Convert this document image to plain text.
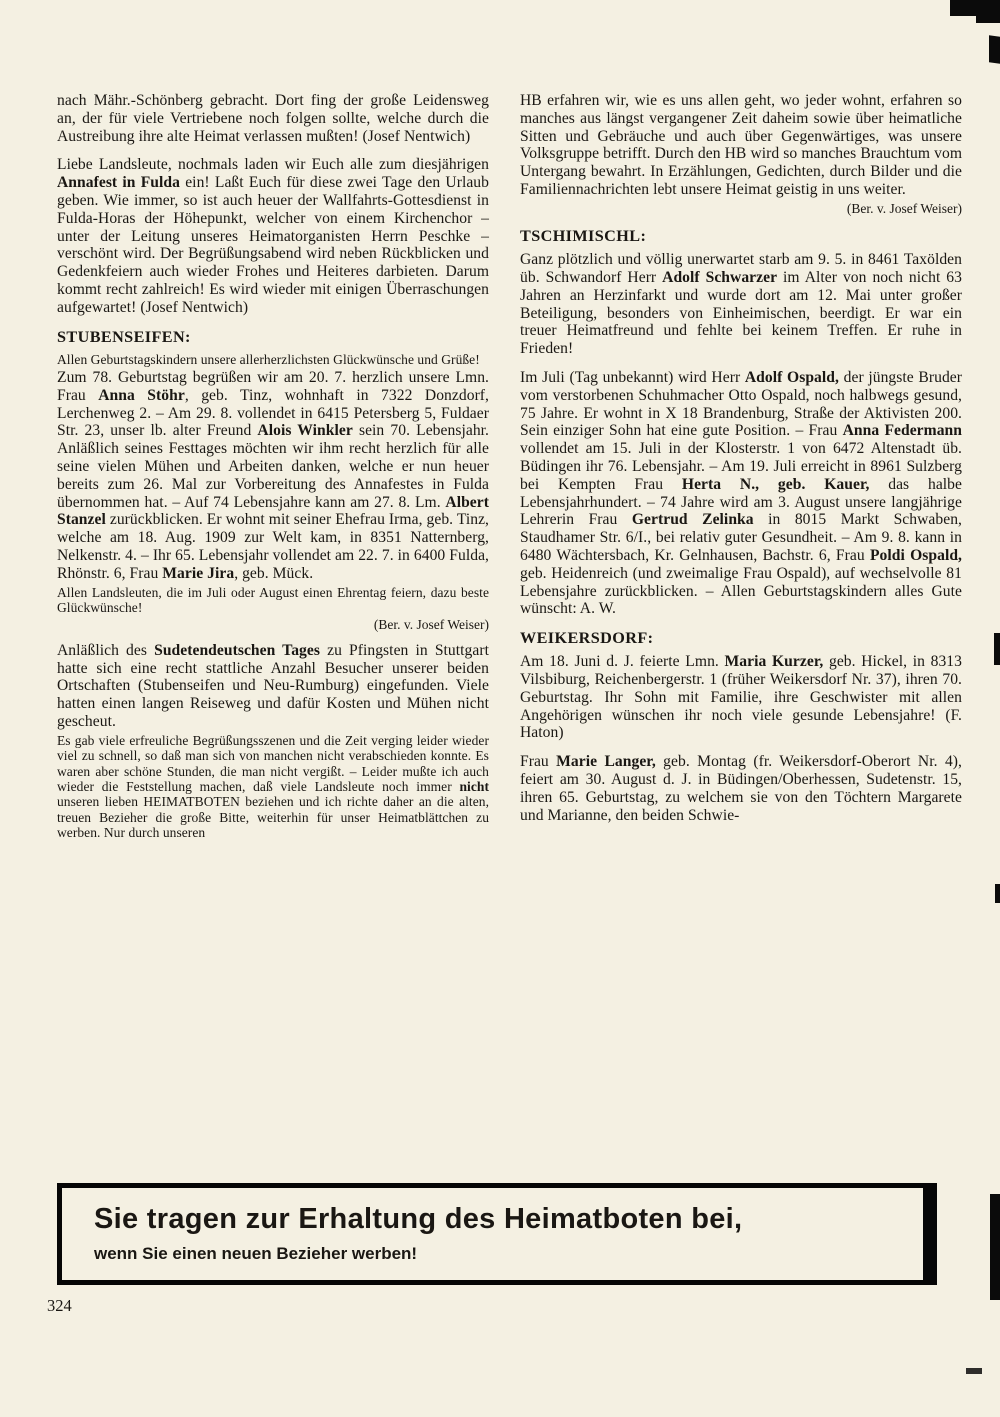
nach Mähr.-Schönberg gebracht. Dort fing der große Leidensweg an, der für viele Vertriebene noch folgen sollte, welche durch die Austreibung ihre alte Heimat verlassen mußten! (Josef Nentwich)

Liebe Landsleute, nochmals laden wir Euch alle zum diesjährigen Annafest in Fulda ein! Laßt Euch für diese zwei Tage den Urlaub geben. Wie immer, so ist auch heuer der Wallfahrts-Gottesdienst in Fulda-Horas der Höhepunkt, welcher von einem Kirchenchor – unter der Leitung unseres Heimatorganisten Herrn Peschke – verschönt wird. Der Begrüßungsabend wird neben Rückblicken und Gedenkfeiern auch wieder Frohes und Heiteres darbieten. Darum kommt recht zahlreich! Es wird wieder mit einigen Überraschungen aufgewartet! (Josef Nentwich)

STUBENSEIFEN:

Allen Geburtstagskindern unsere allerherzlichsten Glückwünsche und Grüße!

Zum 78. Geburtstag begrüßen wir am 20. 7. herzlich unsere Lmn. Frau Anna Stöhr, geb. Tinz, wohnhaft in 7322 Donzdorf, Lerchenweg 2. – Am 29. 8. vollendet in 6415 Petersberg 5, Fuldaer Str. 23, unser lb. alter Freund Alois Winkler sein 70. Lebensjahr. Anläßlich seines Festtages möchten wir ihm recht herzlich für alle seine vielen Mühen und Arbeiten danken, welche er nun heuer bereits zum 26. Mal zur Vorbereitung des Annafestes in Fulda übernommen hat. – Auf 74 Lebensjahre kann am 27. 8. Lm. Albert Stanzel zurückblicken. Er wohnt mit seiner Ehefrau Irma, geb. Tinz, welche am 18. Aug. 1909 zur Welt kam, in 8351 Natternberg, Nelkenstr. 4. – Ihr 65. Lebensjahr vollendet am 22. 7. in 6400 Fulda, Rhönstr. 6, Frau Marie Jira, geb. Mück.

Allen Landsleuten, die im Juli oder August einen Ehrentag feiern, dazu beste Glückwünsche!

(Ber. v. Josef Weiser)

Anläßlich des Sudetendeutschen Tages zu Pfingsten in Stuttgart hatte sich eine recht stattliche Anzahl Besucher unserer beiden Ortschaften (Stubenseifen und Neu-Rumburg) eingefunden. Viele hatten einen langen Reiseweg und dafür Kosten und Mühen nicht gescheut.

Es gab viele erfreuliche Begrüßungsszenen und die Zeit verging leider wieder viel zu schnell, so daß man sich von manchen nicht verabschieden konnte. Es waren aber schöne Stunden, die man nicht vergißt. – Leider mußte ich auch wieder die Feststellung machen, daß viele Landsleute noch immer nicht unseren lieben HEIMATBOTEN beziehen und ich richte daher an die alten, treuen Bezieher die große Bitte, weiterhin für unser Heimatblättchen zu werben. Nur durch unseren

HB erfahren wir, wie es uns allen geht, wo jeder wohnt, erfahren so manches aus längst vergangener Zeit daheim sowie über heimatliche Sitten und Gebräuche und auch über Gegenwärtiges, was unsere Volksgruppe betrifft. Durch den HB wird so manches Brauchtum vom Untergang bewahrt. In Erzählungen, Gedichten, durch Bilder und die Familiennachrichten lebt unsere Heimat geistig in uns weiter.

(Ber. v. Josef Weiser)

TSCHIMISCHL:

Ganz plötzlich und völlig unerwartet starb am 9. 5. in 8461 Taxölden üb. Schwandorf Herr Adolf Schwarzer im Alter von noch nicht 63 Jahren an Herzinfarkt und wurde dort am 12. Mai unter großer Beteiligung, besonders von Einheimischen, beerdigt. Er war ein treuer Heimatfreund und fehlte bei keinem Treffen. Er ruhe in Frieden!

Im Juli (Tag unbekannt) wird Herr Adolf Ospald, der jüngste Bruder vom verstorbenen Schuhmacher Otto Ospald, noch halbwegs gesund, 75 Jahre. Er wohnt in X 18 Brandenburg, Straße der Aktivisten 200. Sein einziger Sohn hat eine gute Position. – Frau Anna Federmann vollendet am 15. Juli in der Klosterstr. 1 von 6472 Altenstadt üb. Büdingen ihr 76. Lebensjahr. – Am 19. Juli erreicht in 8961 Sulzberg bei Kempten Frau Herta N., geb. Kauer, das halbe Lebensjahrhundert. – 74 Jahre wird am 3. August unsere langjährige Lehrerin Frau Gertrud Zelinka in 8015 Markt Schwaben, Staudhamer Str. 6/I., bei relativ guter Gesundheit. – Am 9. 8. kann in 6480 Wächtersbach, Kr. Gelnhausen, Bachstr. 6, Frau Poldi Ospald, geb. Heidenreich (und zweimalige Frau Ospald), auf wechselvolle 81 Lebensjahre zurückblicken. – Allen Geburtstagskindern alles Gute wünscht: A. W.

WEIKERSDORF:

Am 18. Juni d. J. feierte Lmn. Maria Kurzer, geb. Hickel, in 8313 Vilsbiburg, Reichenbergerstr. 1 (früher Weikersdorf Nr. 37), ihren 70. Geburtstag. Ihr Sohn mit Familie, ihre Geschwister mit allen Angehörigen wünschen ihr noch viele gesunde Lebensjahre! (F. Haton)

Frau Marie Langer, geb. Montag (fr. Weikersdorf-Oberort Nr. 4), feiert am 30. August d. J. in Büdingen/Oberhessen, Sudetenstr. 15, ihren 65. Geburtstag, zu welchem sie von den Töchtern Margarete und Marianne, den beiden Schwie-

Sie tragen zur Erhaltung des Heimatboten bei,
wenn Sie einen neuen Bezieher werben!
324
